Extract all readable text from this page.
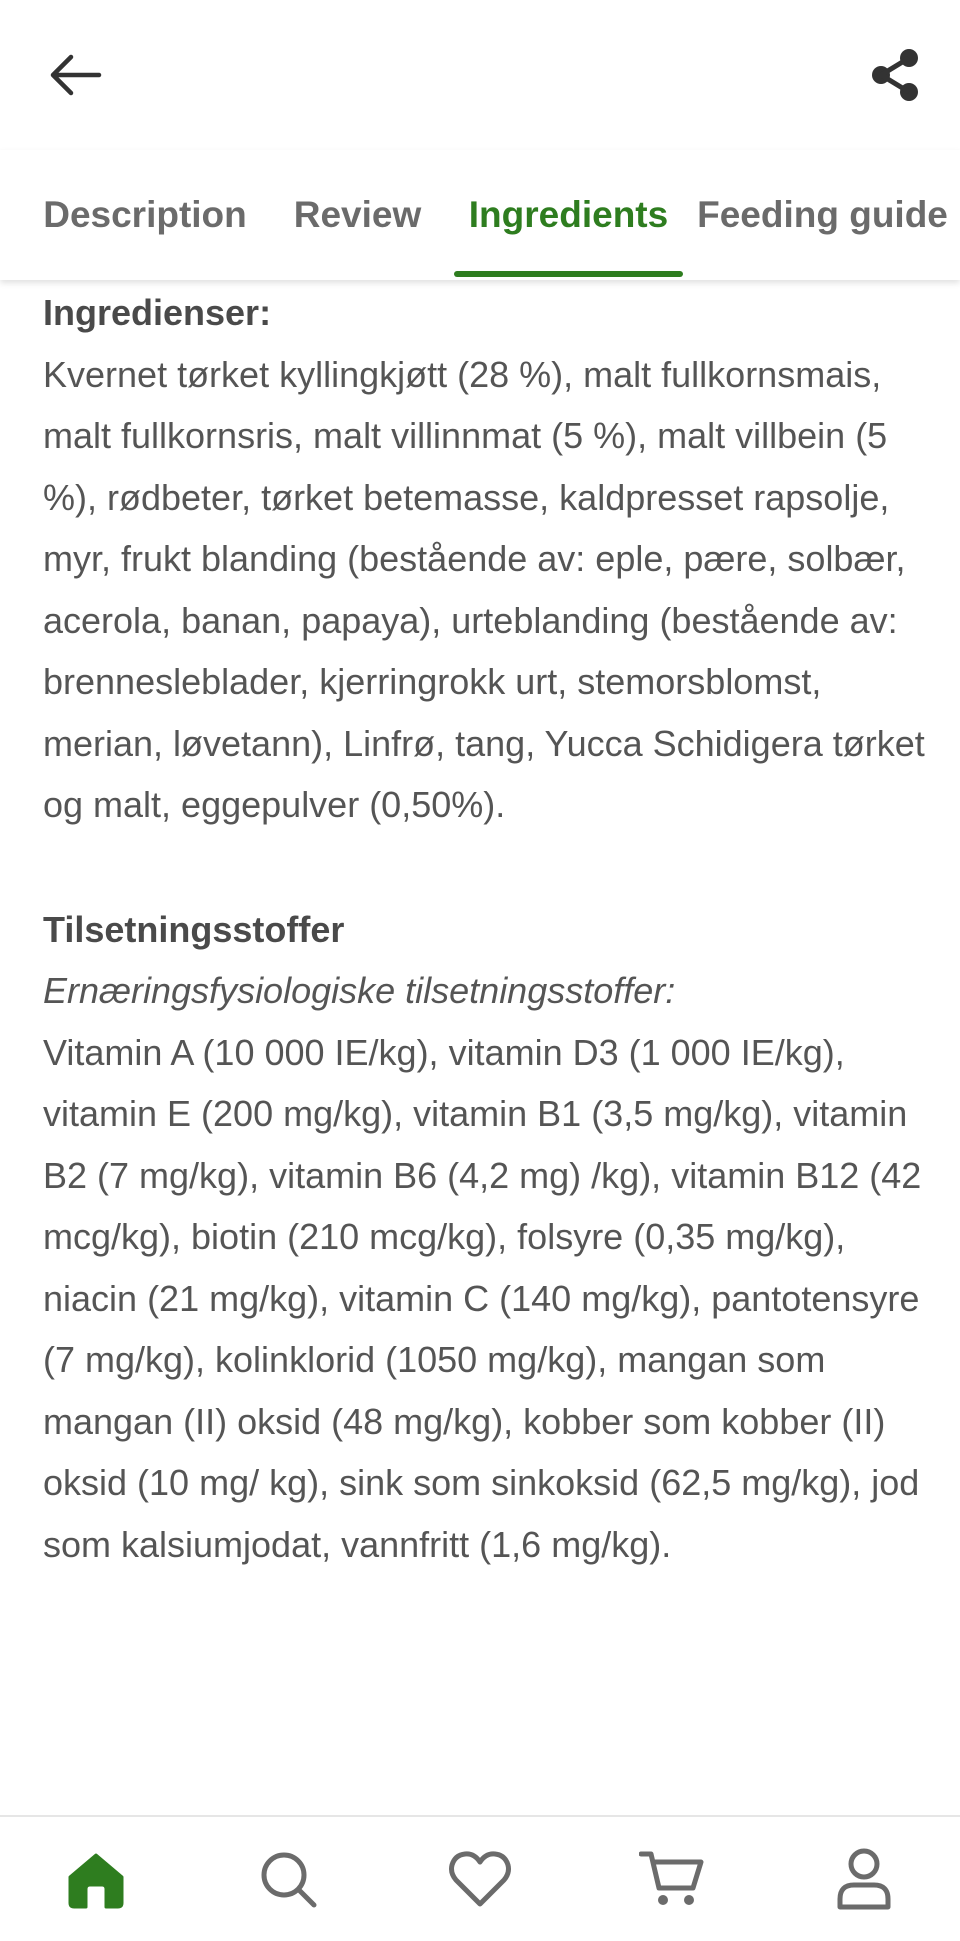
Description	Review	Ingredients Feeding guide
Ingredienser:

Kvernet tørket kyllingkjøtt (28 %), malt fullkornsmais, malt fullkornsris, malt villinnmat (5 %), malt villbein (5 %), rødbeter, tørket betemasse, kaldpresset rapsolje, myr, frukt blanding (bestående av: eple, pære, solbær, acerola, banan, papaya), urteblanding (bestående av: brennesleblader, kjerringrokk urt, stemorsblomst, merian, løvetann), Linfrø, tang, Yucca Schidigera tørket og malt, eggepulver (0,50%).

Tilsetningsstoffer

Ernæringsfysiologiske tilsetningsstoffer:

Vitamin A (10 000 IE/kg), vitamin D3 (1 000 IE/kg), vitamin E (200 mg/kg), vitamin B1 (3,5 mg/kg), vitamin B2 (7 mg/kg), vitamin B6 (4,2 mg) /kg), vitamin B12 (42 mcg/kg), biotin (210 mcg/kg), folsyre (0,35 mg/kg), niacin (21 mg/kg), vitamin C (140 mg/kg), pantotensyre (7 mg/kg), kolinklorid (1050 mg/kg), mangan som mangan (II) oksid (48 mg/kg), kobber som kobber (II) oksid (10 mg/ kg), sink som sinkoksid (62,5 mg/kg), jod som kalsiumjodat, vannfritt (1,6 mg/kg).
